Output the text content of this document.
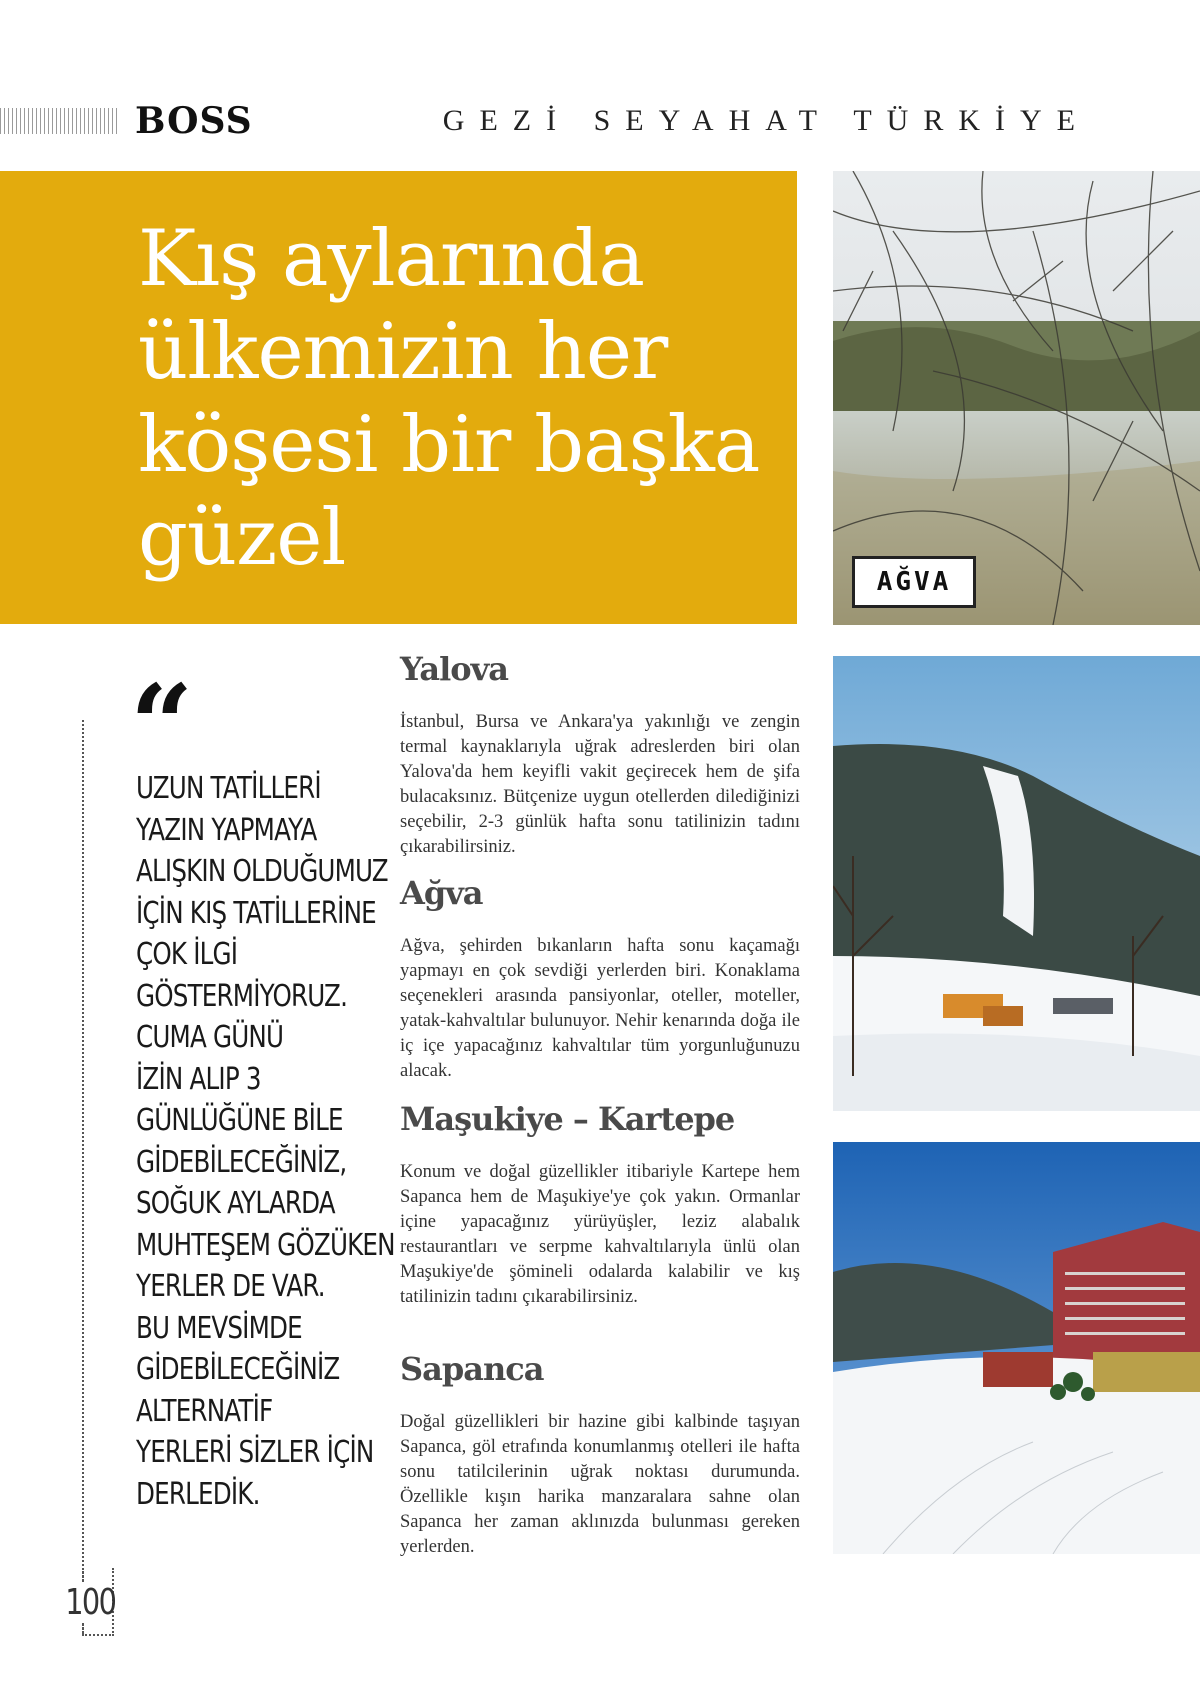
BOSS	GEZİ SEYAHAT TÜRKİYE
Kış aylarında ülkemizin her köşesi bir başka güzel	AĞVA
100
“
UZUN TATİLLERİ
YAZIN YAPMAYA
ALIŞKIN OLDUĞUMUZ
İÇİN KIŞ TATİLLERİNE
ÇOK İLGİ
GÖSTERMİYORUZ.
CUMA GÜNÜ
İZİN ALIP 3
GÜNLÜĞÜNE BİLE
GİDEBİLECEĞİNİZ,
SOĞUK AYLARDA
MUHTEŞEM GÖZÜKEN
YERLER DE VAR.
BU MEVSİMDE
GİDEBİLECEĞİNİZ
ALTERNATİF
YERLERİ SİZLER İÇİN
DERLEDİK.
Yalova

İstanbul, Bursa ve Ankara'ya yakınlığı ve zengin termal kaynaklarıyla uğrak adreslerden biri olan Yalova'da hem keyifli vakit geçirecek hem de şifa bulacaksınız. Bütçenize uygun otellerden dilediğinizi seçebilir, 2-3 günlük hafta sonu tatilinizin tadını çıkarabilirsiniz.

Ağva

Ağva, şehirden bıkanların hafta sonu kaçamağı yapmayı en çok sevdiği yerlerden biri. Konaklama seçenekleri arasında pansiyonlar, oteller, moteller, yatak-kahvaltılar bulunuyor. Nehir kenarında doğa ile iç içe yapacağınız kahvaltılar tüm yorgunluğunuzu alacak.

Maşukiye – Kartepe

Konum ve doğal güzellikler itibariyle Kartepe hem Sapanca hem de Maşukiye'ye çok yakın. Ormanlar içine yapacağınız yürüyüşler, leziz alabalık restaurantları ve serpme kahvaltılarıyla ünlü olan Maşukiye'de şömineli odalarda kalabilir ve kış tatilinizin tadını çıkarabilirsiniz.

Sapanca

Doğal güzellikleri bir hazine gibi kalbinde taşıyan Sapanca, göl etrafında konumlanmış otelleri ile hafta sonu tatilcilerinin uğrak noktası durumunda. Özellikle kışın harika manzaralara sahne olan Sapanca her zaman aklınızda bulunması gereken yerlerden.
